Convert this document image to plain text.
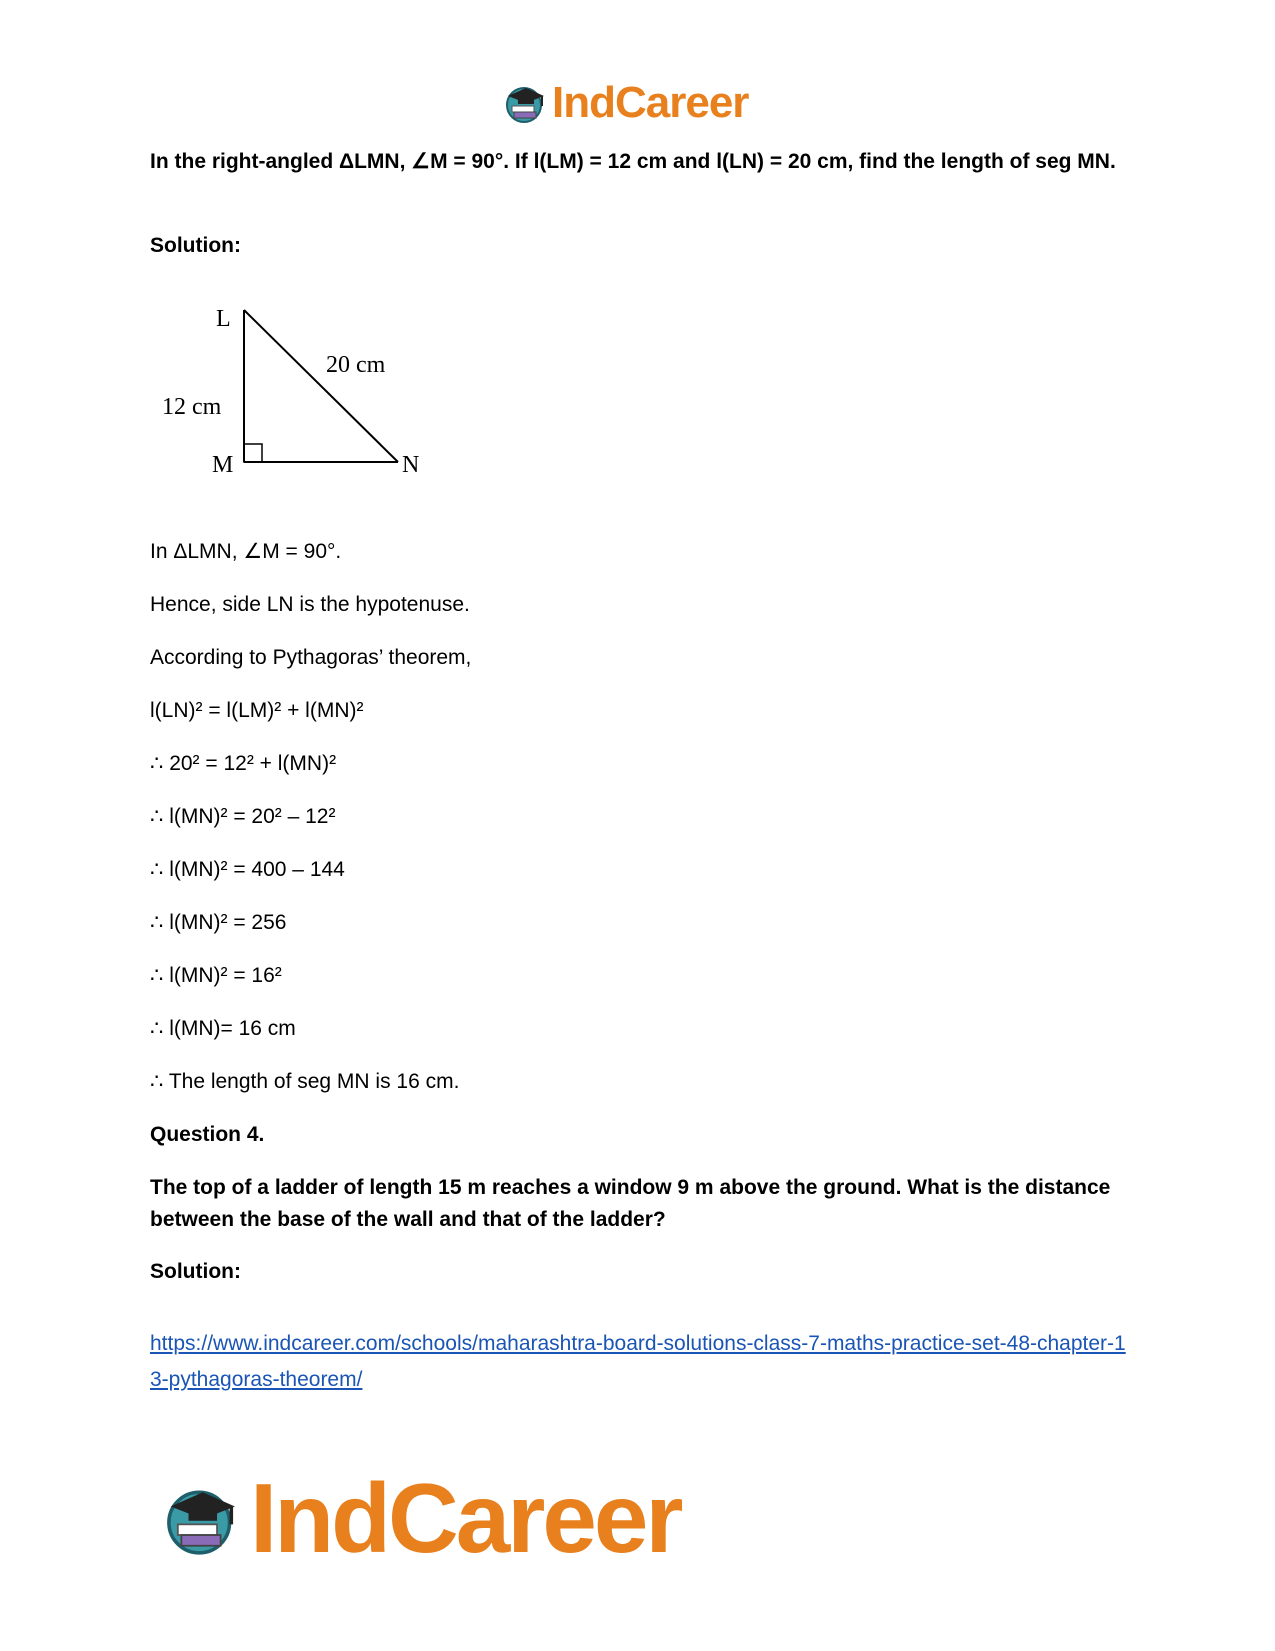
IndCareer
In the right-angled ΔLMN, ∠M = 90°. If l(LM) = 12 cm and l(LN) = 20 cm, find the length of seg MN.
Solution:
L
M	N
12 cm
20 cm
In ΔLMN, ∠M = 90°.
Hence, side LN is the hypotenuse.
According to Pythagoras’ theorem,
l(LN)² = l(LM)² + l(MN)²
∴ 20² = 12² + l(MN)²
∴ l(MN)² = 20² – 12²
∴ l(MN)² = 400 – 144
∴ l(MN)² = 256
∴ l(MN)² = 16²
∴ l(MN)= 16 cm
∴ The length of seg MN is 16 cm.
Question 4.
The top of a ladder of length 15 m reaches a window 9 m above the ground. What is the distance between the base of the wall and that of the ladder?
Solution:
https://www.indcareer.com/schools/maharashtra-board-solutions-class-7-maths-practice-set-48-chapter-13-pythagoras-theorem/
IndCareer
